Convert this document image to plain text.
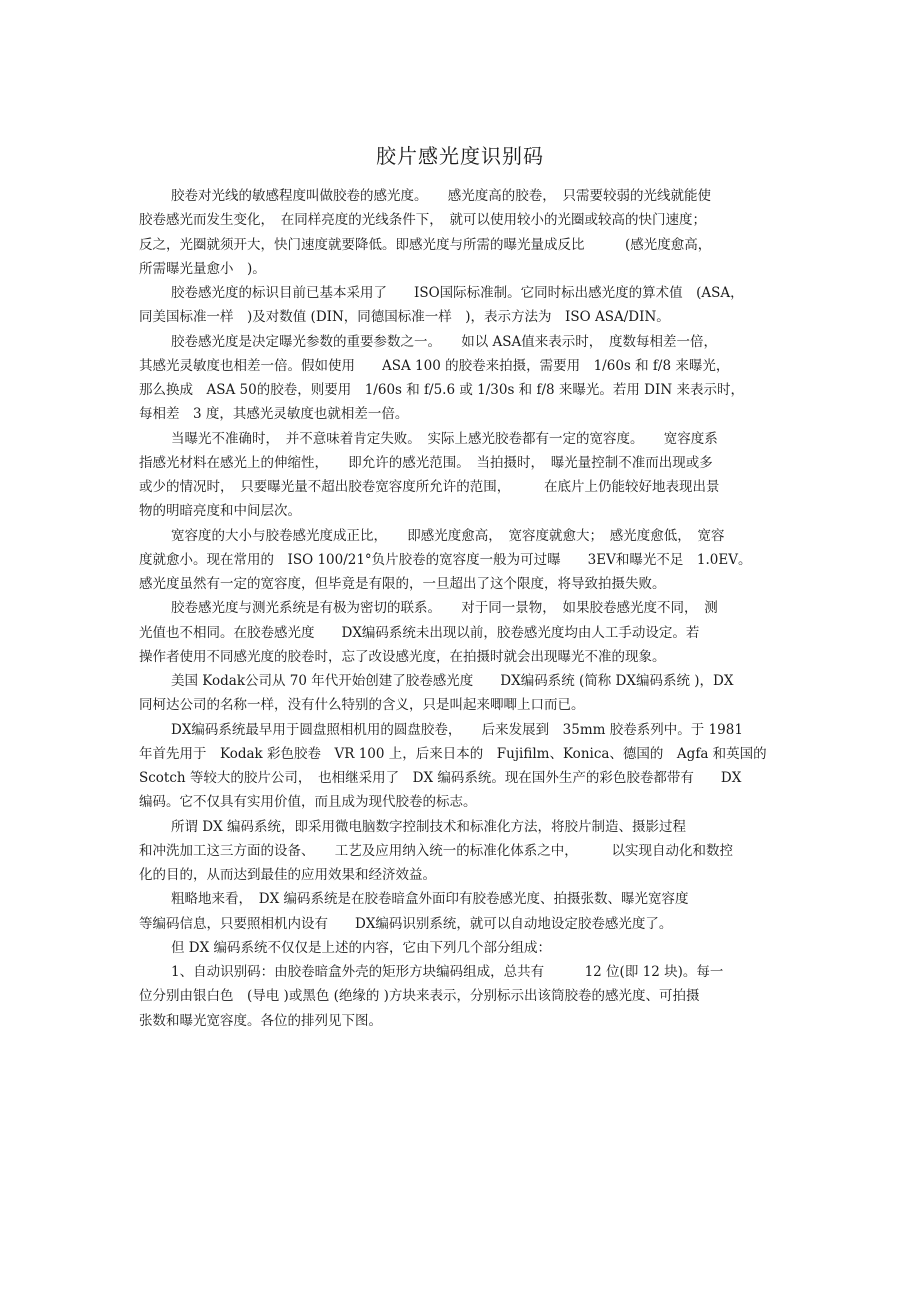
胶片感光度识别码
胶卷对光线的敏感程度叫做胶卷的感光度。　　感光度高的胶卷，　只需要较弱的光线就能使
胶卷感光而发生变化，　在同样亮度的光线条件下，　就可以使用较小的光圈或较高的快门速度；
反之，光圈就须开大，快门速度就要降低。即感光度与所需的曝光量成反比　　　(感光度愈高，
所需曝光量愈小　)。
胶卷感光度的标识目前已基本采用了　　ISO国际标准制。它同时标出感光度的算术值　(ASA，
同美国标准一样　)及对数值 (DIN，同德国标准一样　)，表示方法为　ISO ASA/DIN。
胶卷感光度是决定曝光参数的重要参数之一。　　如以 ASA值来表示时，　度数每相差一倍，
其感光灵敏度也相差一倍。假如使用　　ASA 100 的胶卷来拍摄，需要用　1/60s 和 f/8 来曝光，
那么换成　ASA 50的胶卷，则要用　1/60s 和 f/5.6 或 1/30s 和 f/8 来曝光。若用 DIN 来表示时，
每相差　3 度，其感光灵敏度也就相差一倍。
当曝光不准确时，　并不意味着肯定失败。　实际上感光胶卷都有一定的宽容度。　　宽容度系
指感光材料在感光上的伸缩性，　　即允许的感光范围。　当拍摄时，　曝光量控制不准而出现或多
或少的情况时，　只要曝光量不超出胶卷宽容度所允许的范围，　　　在底片上仍能较好地表现出景
物的明暗亮度和中间层次。
宽容度的大小与胶卷感光度成正比，　　即感光度愈高，　宽容度就愈大；　感光度愈低，　宽容
度就愈小。现在常用的　ISO 100/21°负片胶卷的宽容度一般为可过曝　　3EV和曝光不足　1.0EV。
感光度虽然有一定的宽容度，但毕竟是有限的，一旦超出了这个限度，将导致拍摄失败。
胶卷感光度与测光系统是有极为密切的联系。　　对于同一景物，　如果胶卷感光度不同，　测
光值也不相同。在胶卷感光度　　DX编码系统未出现以前，胶卷感光度均由人工手动设定。若
操作者使用不同感光度的胶卷时，忘了改设感光度，在拍摄时就会出现曝光不准的现象。
美国 Kodak公司从 70 年代开始创建了胶卷感光度　　DX编码系统 (简称 DX编码系统 )，DX
同柯达公司的名称一样，没有什么特别的含义，只是叫起来唧唧上口而已。
DX编码系统最早用于圆盘照相机用的圆盘胶卷，　　后来发展到　35mm 胶卷系列中。于 1981
年首先用于　Kodak 彩色胶卷　VR 100 上，后来日本的　Fujifilm、Konica、德国的　Agfa 和英国的
Scotch 等较大的胶片公司，　也相继采用了　DX 编码系统。现在国外生产的彩色胶卷都带有　　DX
编码。它不仅具有实用价值，而且成为现代胶卷的标志。
所谓 DX 编码系统，即采用微电脑数字控制技术和标准化方法，将胶片制造、摄影过程
和冲洗加工这三方面的设备、　　工艺及应用纳入统一的标准化体系之中，　　　以实现自动化和数控
化的目的，从而达到最佳的应用效果和经济效益。
粗略地来看，　DX 编码系统是在胶卷暗盒外面印有胶卷感光度、拍摄张数、曝光宽容度
等编码信息，只要照相机内设有　　DX编码识别系统，就可以自动地设定胶卷感光度了。
但 DX 编码系统不仅仅是上述的内容，它由下列几个部分组成：
1、自动识别码：由胶卷暗盒外壳的矩形方块编码组成，总共有　　　12 位(即 12 块)。每一
位分别由银白色　(导电 )或黑色 (绝缘的 )方块来表示，分别标示出该筒胶卷的感光度、可拍摄
张数和曝光宽容度。各位的排列见下图。
